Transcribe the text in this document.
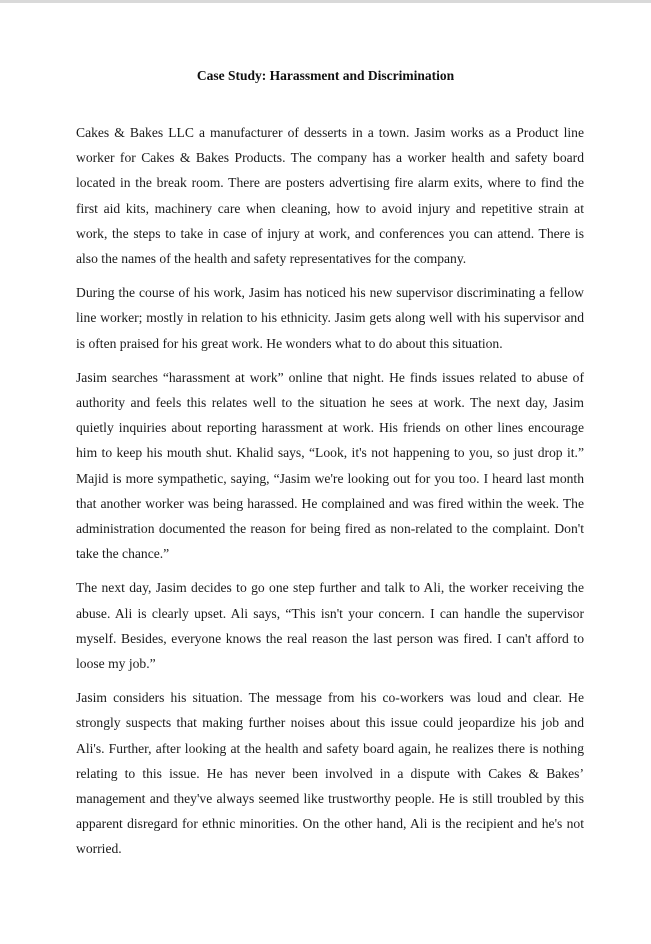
Case Study: Harassment and Discrimination

Cakes & Bakes LLC a manufacturer of desserts in a town. Jasim works as a Product line worker for Cakes & Bakes Products. The company has a worker health and safety board located in the break room. There are posters advertising fire alarm exits, where to find the first aid kits, machinery care when cleaning, how to avoid injury and repetitive strain at work, the steps to take in case of injury at work, and conferences you can attend. There is also the names of the health and safety representatives for the company.

During the course of his work, Jasim has noticed his new supervisor discriminating a fellow line worker; mostly in relation to his ethnicity. Jasim gets along well with his supervisor and is often praised for his great work. He wonders what to do about this situation.

Jasim searches “harassment at work” online that night. He finds issues related to abuse of authority and feels this relates well to the situation he sees at work. The next day, Jasim quietly inquiries about reporting harassment at work. His friends on other lines encourage him to keep his mouth shut. Khalid says, “Look, it's not happening to you, so just drop it.” Majid is more sympathetic, saying, “Jasim we're looking out for you too. I heard last month that another worker was being harassed. He complained and was fired within the week. The administration documented the reason for being fired as non-related to the complaint. Don't take the chance.”

The next day, Jasim decides to go one step further and talk to Ali, the worker receiving the abuse. Ali is clearly upset. Ali says, “This isn't your concern. I can handle the supervisor myself. Besides, everyone knows the real reason the last person was fired. I can't afford to loose my job.”

Jasim considers his situation. The message from his co-workers was loud and clear. He strongly suspects that making further noises about this issue could jeopardize his job and Ali's. Further, after looking at the health and safety board again, he realizes there is nothing relating to this issue. He has never been involved in a dispute with Cakes & Bakes’ management and they've always seemed like trustworthy people. He is still troubled by this apparent disregard for ethnic minorities. On the other hand, Ali is the recipient and he's not worried.
